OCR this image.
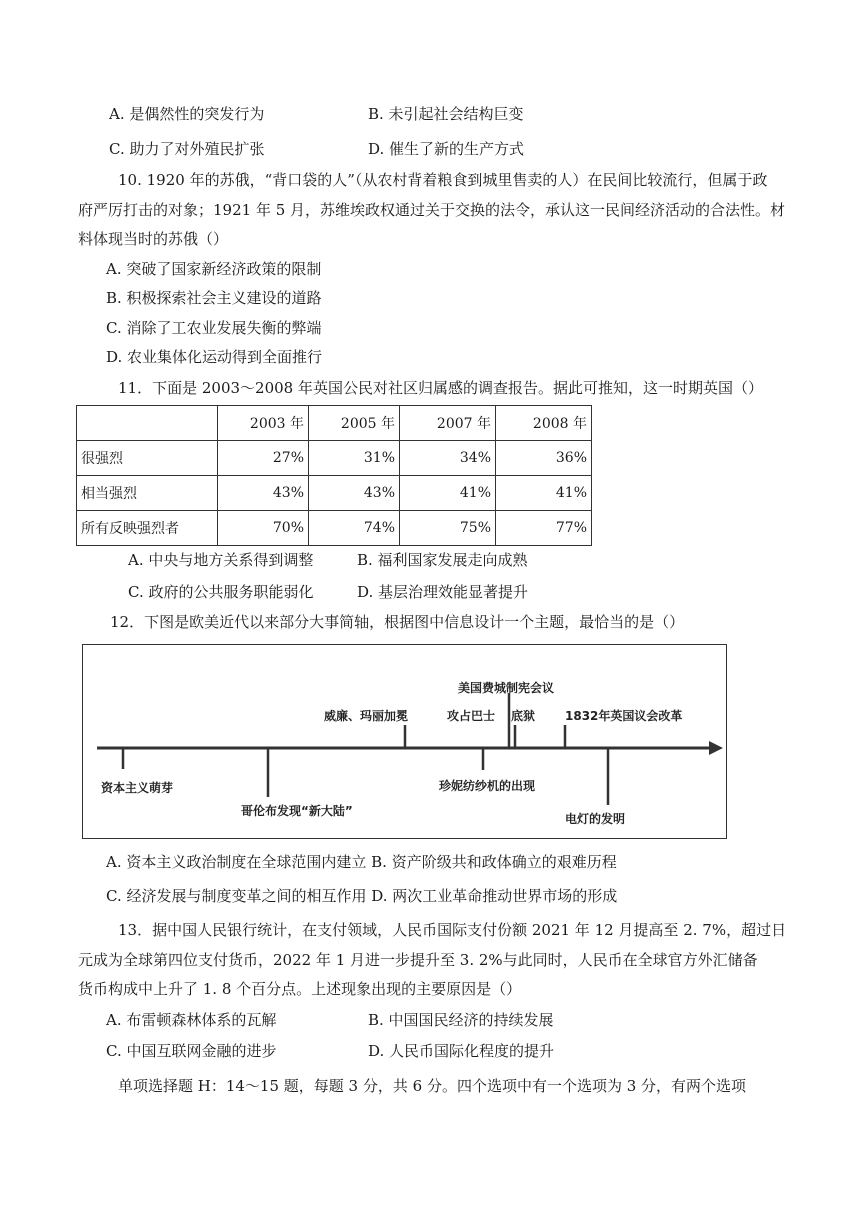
A. 是偶然性的突发行为	B. 未引起社会结构巨变
C. 助力了对外殖民扩张	D. 催生了新的生产方式
10. 1920 年的苏俄，“背口袋的人”（从农村背着粮食到城里售卖的人）在民间比较流行，但属于政
府严厉打击的对象；1921 年 5 月，苏维埃政权通过关于交换的法令，承认这一民间经济活动的合法性。材
料体现当时的苏俄（）
A. 突破了国家新经济政策的限制
B. 积极探索社会主义建设的道路
C. 消除了工农业发展失衡的弊端
D. 农业集体化运动得到全面推行
11．下面是 2003～2008 年英国公民对社区归属感的调查报告。据此可推知，这一时期英国（）
	2003 年	2005 年	2007 年	2008 年
很强烈	27%	31%	34%	36%
相当强烈	43%	43%	41%	41%
所有反映强烈者	70%	74%	75%	77%
A. 中央与地方关系得到调整	B. 福利国家发展走向成熟
C. 政府的公共服务职能弱化	D. 基层治理效能显著提升
12．下图是欧美近代以来部分大事简轴，根据图中信息设计一个主题，最恰当的是（）
美国费城制宪会议
威廉、玛丽加冕	攻占巴士 底狱 1832年英国议会改革
资本主义萌芽
哥伦布发现“新大陆”
珍妮纺纱机的出现
电灯的发明
A. 资本主义政治制度在全球范围内建立 B. 资产阶级共和政体确立的艰难历程
C. 经济发展与制度变革之间的相互作用 D. 两次工业革命推动世界市场的形成
13．据中国人民银行统计，在支付领域，人民币国际支付份额 2021 年 12 月提高至 2. 7%，超过日
元成为全球第四位支付货币，2022 年 1 月进一步提升至 3. 2%与此同时，人民币在全球官方外汇储备
货币构成中上升了 1. 8 个百分点。上述现象出现的主要原因是（）
A. 布雷顿森林体系的瓦解	B. 中国国民经济的持续发展
C. 中国互联网金融的进步	D. 人民币国际化程度的提升
单项选择题 H：14～15 题，每题 3 分，共 6 分。四个选项中有一个选项为 3 分，有两个选项
